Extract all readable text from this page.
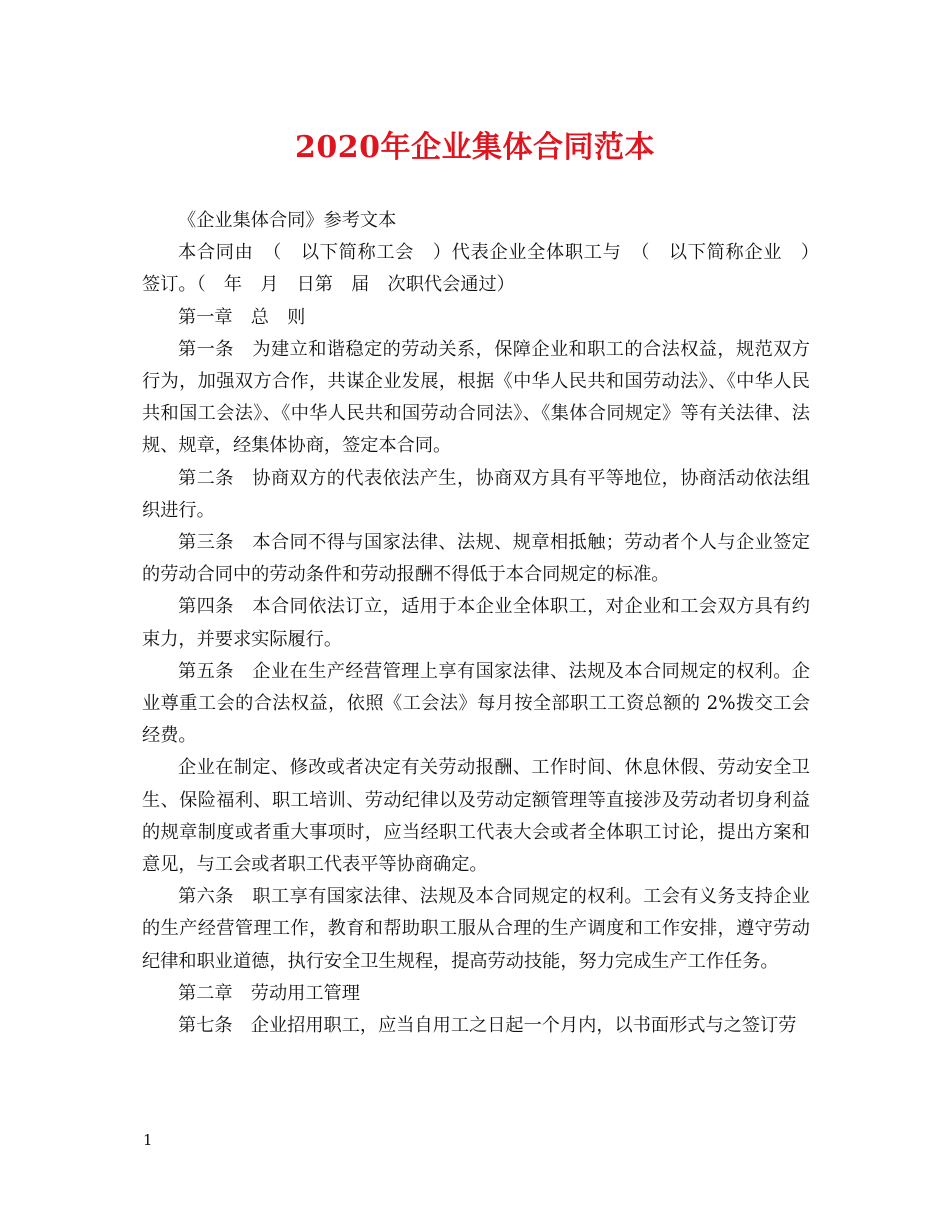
2020年企业集体合同范本

《企业集体合同》参考文本

本合同由　（　以下简称工会　）代表企业全体职工与　（　以下简称企业　）　签订。（　年　月　日第　届　次职代会通过）

第一章　总　则

第一条　为建立和谐稳定的劳动关系，保障企业和职工的合法权益，规范双方行为，加强双方合作，共谋企业发展，根据《中华人民共和国劳动法》、《中华人民共和国工会法》、《中华人民共和国劳动合同法》、《集体合同规定》等有关法律、法规、规章，经集体协商，签定本合同。

第二条　协商双方的代表依法产生，协商双方具有平等地位，协商活动依法组织进行。

第三条　本合同不得与国家法律、法规、规章相抵触；劳动者个人与企业签定的劳动合同中的劳动条件和劳动报酬不得低于本合同规定的标准。

第四条　本合同依法订立，适用于本企业全体职工，对企业和工会双方具有约束力，并要求实际履行。

第五条　企业在生产经营管理上享有国家法律、法规及本合同规定的权利。企业尊重工会的合法权益，依照《工会法》每月按全部职工工资总额的 2%拨交工会经费。

企业在制定、修改或者决定有关劳动报酬、工作时间、休息休假、劳动安全卫生、保险福利、职工培训、劳动纪律以及劳动定额管理等直接涉及劳动者切身利益的规章制度或者重大事项时，应当经职工代表大会或者全体职工讨论，提出方案和意见，与工会或者职工代表平等协商确定。

第六条　职工享有国家法律、法规及本合同规定的权利。工会有义务支持企业的生产经营管理工作，教育和帮助职工服从合理的生产调度和工作安排，遵守劳动纪律和职业道德，执行安全卫生规程，提高劳动技能，努力完成生产工作任务。

第二章　劳动用工管理

第七条　企业招用职工，应当自用工之日起一个月内，以书面形式与之签订劳

1
